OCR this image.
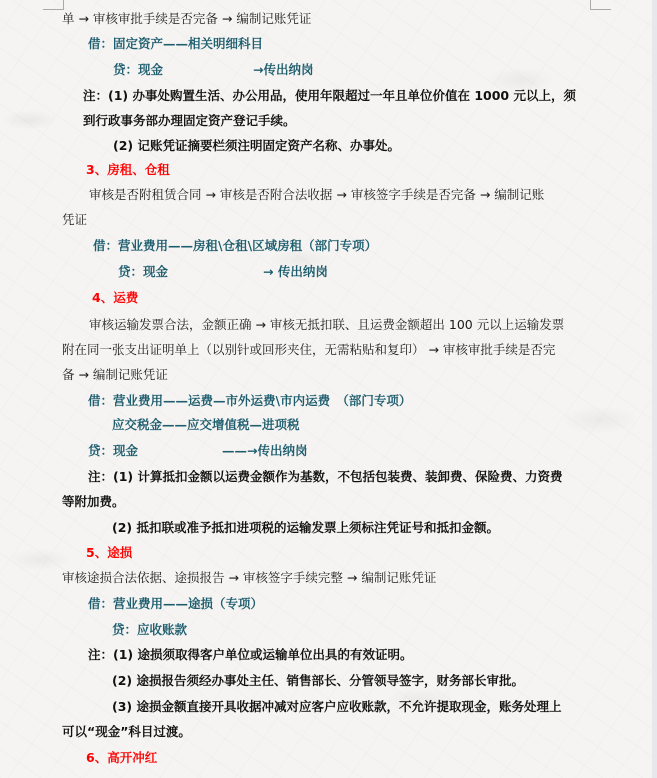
单 → 审核审批手续是否完备 → 编制记账凭证
借：固定资产——相关明细科目
贷：现金	→传出纳岗
注：(1) 办事处购置生活、办公用品，使用年限超过一年且单位价值在 1000 元以上，须
到行政事务部办理固定资产登记手续。
(2) 记账凭证摘要栏须注明固定资产名称、办事处。
3、房租、仓租
审核是否附租赁合同 → 审核是否附合法收据 → 审核签字手续是否完备 → 编制记账
凭证
借：营业费用——房租\仓租\区域房租（部门专项）
贷：现金	→ 传出纳岗
4、运费
审核运输发票合法，金额正确 → 审核无抵扣联、且运费金额超出 100 元以上运输发票
附在同一张支出证明单上（以别针或回形夹住，无需粘贴和复印） → 审核审批手续是否完
备 → 编制记账凭证
借：营业费用——运费—市外运费\市内运费　（部门专项）
应交税金——应交增值税—进项税
贷：现金	——→传出纳岗
注：(1) 计算抵扣金额以运费金额作为基数，不包括包装费、装卸费、保险费、力资费
等附加费。
(2) 抵扣联或准予抵扣进项税的运输发票上须标注凭证号和抵扣金额。
5、途损
审核途损合法依据、途损报告 → 审核签字手续完整 → 编制记账凭证
借：营业费用——途损（专项）
贷：应收账款
注：(1) 途损须取得客户单位或运输单位出具的有效证明。
(2) 途损报告须经办事处主任、销售部长、分管领导签字，财务部长审批。
(3) 途损金额直接开具收据冲减对应客户应收账款，不允许提取现金，账务处理上
可以“现金”科目过渡。
6、高开冲红
